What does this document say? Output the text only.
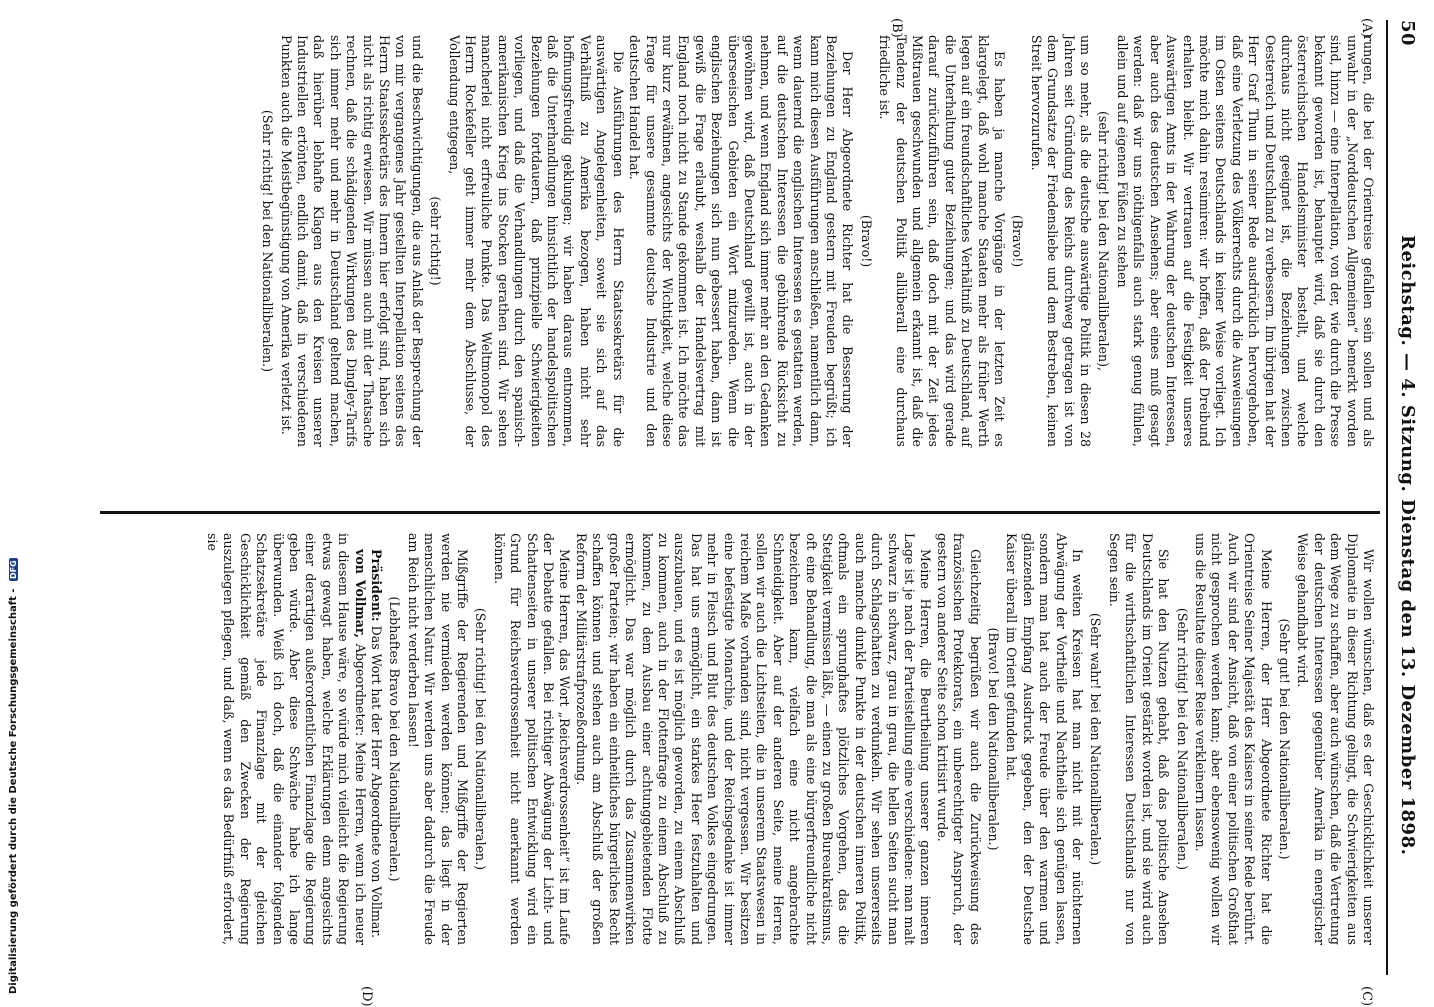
50
Reichstag. — 4. Sitzung. Dienstag den 13. Dezember 1898.
(A)
(B)
(C)
(D)

rungen, die bei der Orientreise gefallen sein sollen und als unwahr in der „Norddeutschen Allgemeinen“ bemerkt worden sind, hinzu — eine Interpellation, von der, wie durch die Presse bekannt geworden ist, behauptet wird, daß sie durch den österreichischen Handelsminister bestellt, und welche durchaus nicht geeignet ist, die Beziehungen zwischen Oesterreich und Deutschland zu verbessern. Im übrigen hat der Herr Graf Thun in seiner Rede ausdrücklich hervorgehoben, daß eine Verletzung des Völkerrechts durch die Ausweisungen im Osten seitens Deutschlands in keiner Weise vorliegt. Ich möchte mich dahin resümiren: wir hoffen, daß der Dreibund erhalten bleibt. Wir vertrauen auf die Festigkeit unseres Auswärtigen Amts in der Wahrung der deutschen Interessen, aber auch des deutschen Ansehens; aber eines muß gesagt werden: daß wir uns nöthigenfalls auch stark genug fühlen, allein und auf eigenen Füßen zu stehen

(sehr richtig! bei den Nationalliberalen),

um so mehr, als die deutsche auswärtige Politik in diesen 28 Jahren seit Gründung des Reichs durchweg getragen ist von dem Grundsatze der Friedensliebe und dem Bestreben, keinen Streit hervorzurufen.

(Bravo!)

Es haben ja manche Vorgänge in der letzten Zeit es klargelegt, daß wohl manche Staaten mehr als früher Werth legen auf ein freundschaftliches Verhältniß zu Deutschland, auf die Unterhaltung guter Beziehungen; und das wird gerade darauf zurückzuführen sein, daß doch mit der Zeit jedes Mißtrauen geschwunden und allgemein erkannt ist, daß die Tendenz der deutschen Politik allüberall eine durchaus friedliche ist.

(Bravo!)

Der Herr Abgeordnete Richter hat die Besserung der Beziehungen zu England gestern mit Freuden begrüßt; ich kann mich diesen Ausführungen anschließen, namentlich dann, wenn dauernd die englischen Interessen es gestatten werden, auf die deutschen Interessen die gebührende Rücksicht zu nehmen, und wenn England sich immer mehr an den Gedanken gewöhnen wird, daß Deutschland gewillt ist, auch in der überseeischen Gebieten ein Wort mitzureden. Wenn die englischen Beziehungen sich nun gebessert haben, dann ist gewiß die Frage erlaubt, weshalb der Handelsvertrag mit England noch nicht zu Stande gekommen ist. Ich möchte das nur kurz erwähnen, angesichts der Wichtigkeit, welche diese Frage für unsere gesammte deutsche Industrie und den deutschen Handel hat.

Die Ausführungen des Herrn Staatssekretärs für die auswärtigen Angelegenheiten, soweit sie sich auf das Verhältniß zu Amerika bezogen, haben nicht sehr hoffnungsfreudig geklungen; wir haben daraus entnommen, daß die Unterhandlungen hinsichtlich der handelspolitischen Beziehungen fortdauern, daß prinzipielle Schwierigkeiten vorliegen, und daß die Verhandlungen durch den spanisch-amerikanischen Krieg ins Stocken gerathen sind. Wir sehen mancherlei nicht erfreuliche Punkte. Das Weltmonopol des Herrn Rockefeller geht immer mehr dem Abschlusse, der Vollendung entgegen,

(sehr richtig!)

und die Beschwichtigungen, die aus Anlaß der Besprechung der von mir vergangenes Jahr gestellten Interpellation seitens des Herrn Staatssekretärs des Innern hier erfolgt sind, haben sich nicht als richtig erwiesen. Wir müssen auch mit der Thatsache rechnen, daß die schädigenden Wirkungen des Dingley-Tarifs sich immer mehr und mehr in Deutschland geltend machen, daß hierüber lebhafte Klagen aus den Kreisen unserer Industriellen ertönten, endlich damit, daß in verschiedenen Punkten auch die Meistbegünstigung von Amerika verletzt ist.

(Sehr richtig! bei den Nationalliberalen.)

Wir wollen wünschen, daß es der Geschicklichkeit unserer Diplomatie in dieser Richtung gelingt, die Schwierigkeiten aus dem Wege zu schaffen, aber auch wünschen, daß die Vertretung der deutschen Interessen gegenüber Amerika in energischer Weise gehandhabt wird.

(Sehr gut! bei den Nationalliberalen.)

Meine Herren, der Herr Abgeordnete Richter hat die Orientreise Seiner Majestät des Kaisers in seiner Rede berührt. Auch wir sind der Ansicht, daß von einer politischen Großthat nicht gesprochen werden kann; aber ebensowenig wollen wir uns die Resultate dieser Reise verkleinern lassen.

(Sehr richtig! bei den Nationalliberalen.)

Sie hat den Nutzen gehabt, daß das politische Ansehen Deutschlands im Orient gestärkt worden ist, und sie wird auch für die wirthschaftlichen Interessen Deutschlands nur von Segen sein.

(Sehr wahr! bei den Nationalliberalen.)

In weiten Kreisen hat man nicht mit der nüchternen Abwägung der Vortheile und Nachtheile sich genügen lassen, sondern man hat auch der Freude über den warmen und glänzenden Empfang Ausdruck gegeben, den der Deutsche Kaiser überall im Orient gefunden hat.

(Bravo! bei den Nationalliberalen.)

Gleichzeitig begrüßen wir auch die Zurückweisung des französischen Protektorats, ein unberechtigter Anspruch, der gestern von anderer Seite schon kritisirt wurde.

Meine Herren, die Beurtheilung unserer ganzen inneren Lage ist je nach der Parteistellung eine verschiedene: man malt schwarz in schwarz, grau in grau, die hellen Seiten sucht man durch Schlagschatten zu verdunkeln. Wir sehen unsererseits auch manche dunkle Punkte in der deutschen inneren Politik, oftmals ein sprunghaftes plötzliches Vorgehen, das die Stetigkeit vermissen läßt, — einen zu großen Bureaukratismus, oft eine Behandlung, die man als eine bürgerfreundliche nicht bezeichnen kann, vielfach eine nicht angebrachte Schneidigkeit. Aber auf der anderen Seite, meine Herren, sollen wir auch die Lichtseiten, die in unserem Staatswesen in reichem Maße vorhanden sind, nicht vergessen. Wir besitzen eine befestigte Monarchie, und der Reichsgedanke ist immer mehr in Fleisch und Blut des deutschen Volkes eingedrungen. Das hat uns ermöglicht, ein starkes Heer festzuhalten und auszubauen, und es ist möglich geworden, zu einem Abschluß zu kommen, auch in der Flottenfrage zu einem Abschluß zu kommen, zu dem Ausbau einer achtunggebietenden Flotte ermöglicht. Das war möglich durch das Zusammenwirken großer Parteien; wir haben ein einheitliches bürgerliches Recht schaffen können und stehen auch am Abschluß der großen Reform der Militärstrafprozeßordnung.

Meine Herren, das Wort „Reichsverdrossenheit“ ist im Laufe der Debatte gefallen. Bei richtiger Abwägung der Licht- und Schattenseiten in unserer politischen Entwicklung wird ein Grund für Reichsverdrossenheit nicht anerkannt werden können.

(Sehr richtig! bei den Nationalliberalen.)

Mißgriffe der Regierenden und Mißgriffe der Regierten werden nie vermieden werden können; das liegt in der menschlichen Natur. Wir werden uns aber dadurch die Freude am Reich nicht verderben lassen!

(Lebhaftes Bravo bei den Nationalliberalen.)

Präsident: Das Wort hat der Herr Abgeordnete von Vollmar.

von Vollmar, Abgeordneter: Meine Herren, wenn ich neuer in diesem Hause wäre, so würde mich vielleicht die Regierung etwas gewagt haben, welche Erklärungen denn angesichts einer derartigen außerordentlichen Finanzlage die Regierung geben würde. Aber diese Schwäche habe ich lange überwunden. Weiß ich doch, daß die einander folgenden Schatzsekretäre jede Finanzlage mit der gleichen Geschicklichkeit gemäß den Zwecken der Regierung auszulegen pflegen, und daß, wenn es das Bedürfniß erfordert, sie

Digitalisierung gefördert durch die Deutsche Forschungsgemeinschaft - DFG
